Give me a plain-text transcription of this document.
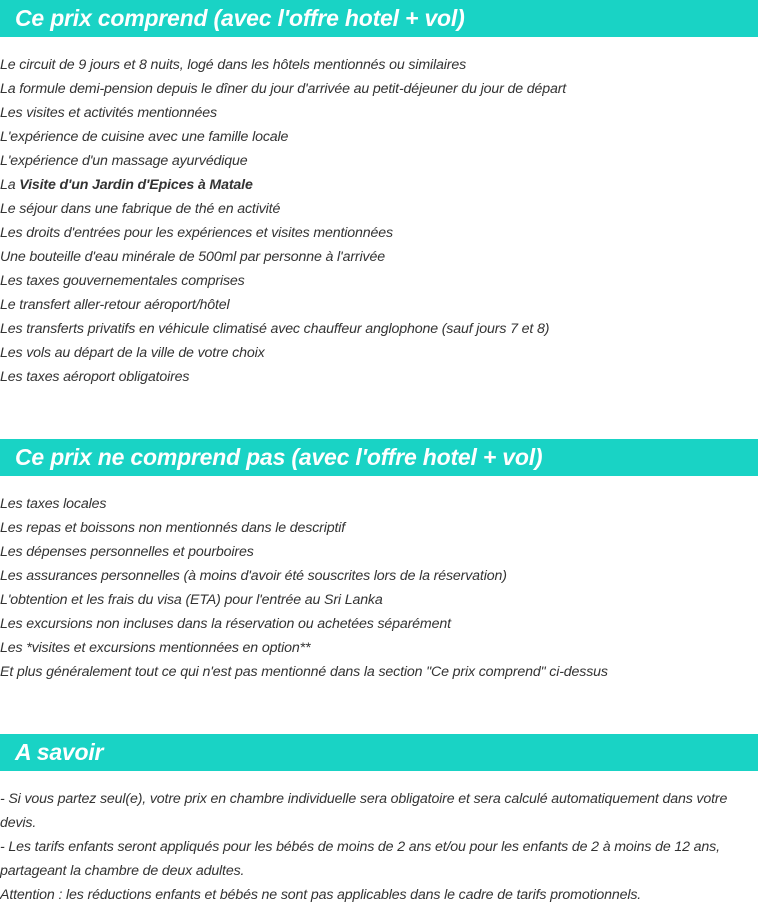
Ce prix comprend (avec l'offre hotel + vol)
Le circuit de 9 jours et 8 nuits, logé dans les hôtels mentionnés ou similaires
La formule demi-pension depuis le dîner du jour d'arrivée au petit-déjeuner du jour de départ
Les visites et activités mentionnées
L'expérience de cuisine avec une famille locale
L'expérience d'un massage ayurvédique
La Visite d'un Jardin d'Epices à Matale
Le séjour dans une fabrique de thé en activité
Les droits d'entrées pour les expériences et visites mentionnées
Une bouteille d'eau minérale de 500ml par personne à l'arrivée
Les taxes gouvernementales comprises
Le transfert aller-retour aéroport/hôtel
Les transferts privatifs en véhicule climatisé avec chauffeur anglophone (sauf jours 7 et 8)
Les vols au départ de la ville de votre choix
Les taxes aéroport obligatoires
Ce prix ne comprend pas (avec l'offre hotel + vol)
Les taxes locales
Les repas et boissons non mentionnés dans le descriptif
Les dépenses personnelles et pourboires
Les assurances personnelles (à moins d'avoir été souscrites lors de la réservation)
L'obtention et les frais du visa (ETA) pour l'entrée au Sri Lanka
Les excursions non incluses dans la réservation ou achetées séparément
Les *visites et excursions mentionnées en option**
Et plus généralement tout ce qui n'est pas mentionné dans la section "Ce prix comprend" ci-dessus
A savoir

- Si vous partez seul(e), votre prix en chambre individuelle sera obligatoire et sera calculé automatiquement dans votre devis.

- Les tarifs enfants seront appliqués pour les bébés de moins de 2 ans et/ou pour les enfants de 2 à moins de 12 ans, partageant la chambre de deux adultes.

Attention : les réductions enfants et bébés ne sont pas applicables dans le cadre de tarifs promotionnels.
